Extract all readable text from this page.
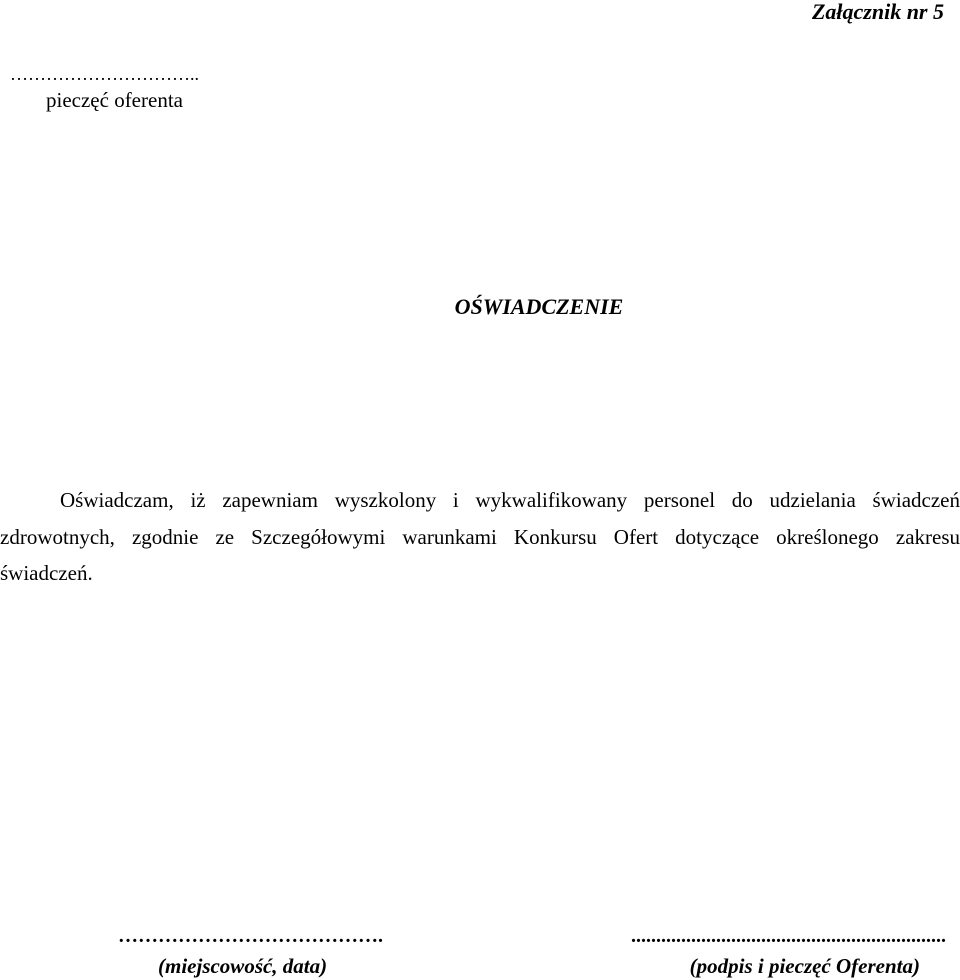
Załącznik nr 5
…………………………..
pieczęć oferenta
OŚWIADCZENIE

Oświadczam, iż zapewniam wyszkolony i wykwalifikowany personel do udzielania świadczeń
zdrowotnych, zgodnie ze Szczegółowymi warunkami Konkursu Ofert dotyczące określonego zakresu
świadczeń.

………………………………….	...............................................................
(miejscowość, data)	(podpis i pieczęć Oferenta)
